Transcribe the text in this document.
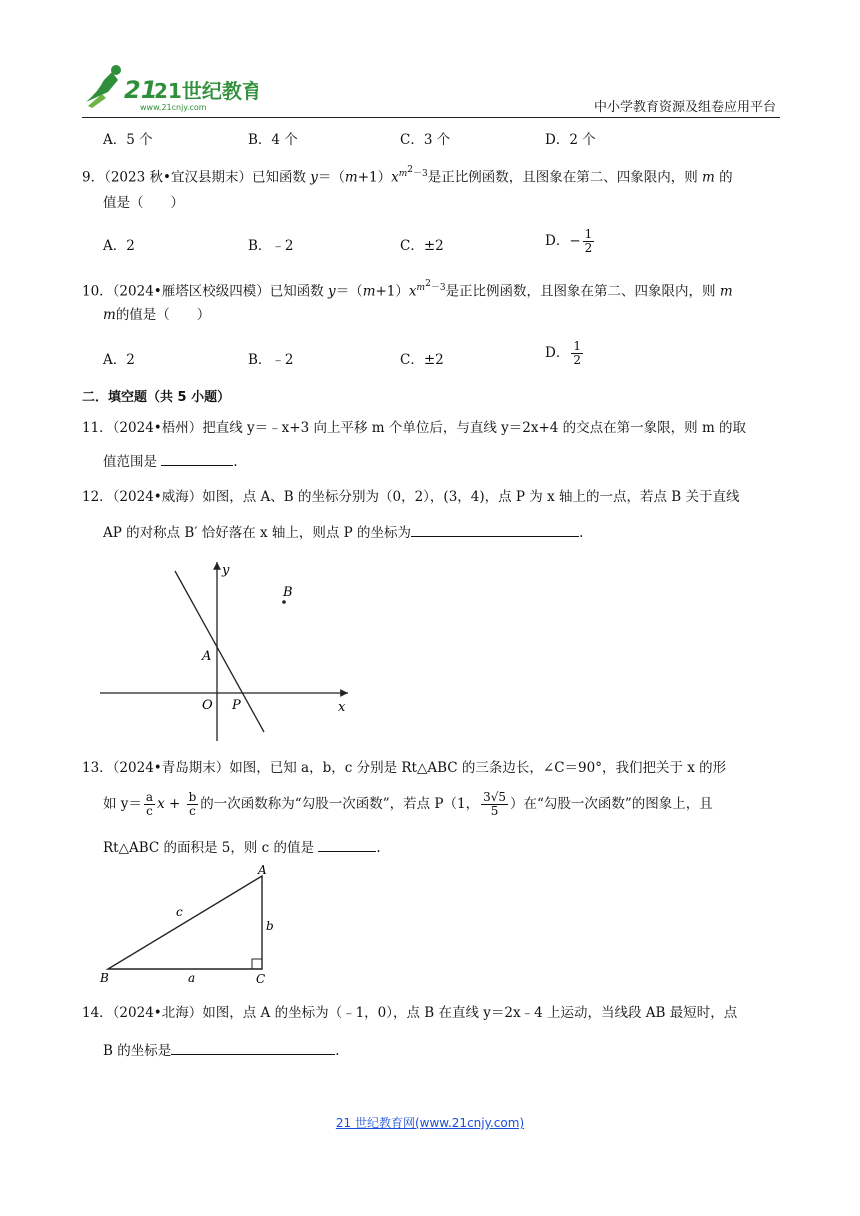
21
21世纪教育
www.21cnjy.com	中小学教育资源及组卷应用平台
A．5 个	B．4 个	C．3 个	D．2 个
9．（2023 秋•宜汉县期末）已知函数 $y=(m+1)x^{m^2-3}$是正比例函数，且图象在第二、四象限内，则 m 的
值是（　　）
A．2	B．﹣2	C．±2	D．− $\frac{1}{2}$
10．（2024•雁塔区校级四模）已知函数 $y=(m+1)x^{m^2-3}$是正比例函数，且图象在第二、四象限内，则 m
m的值是（　　）
A．2	B．﹣2	C．±2	D． $\frac{1}{2}$
二．填空题（共 5 小题）
11．（2024•梧州）把直线 y＝﹣x+3 向上平移 m 个单位后，与直线 y＝2x+4 的交点在第一象限，则 m 的取
值范围是	.
12．（2024•威海）如图，点 A、B 的坐标分别为（0，2），(3，4)，点 P 为 x 轴上的一点，若点 B 关于直线
AP 的对称点 B′ 恰好落在 x 轴上，则点 P 的坐标为	.
y
x
O
A
B
P
13．（2024•青岛期末）如图，已知 a，b，c 分别是 Rt△ABC 的三条边长，∠C＝90°，我们把关于 x 的形
如 $y= \frac{a}{c}$ $x + \frac{b}{c}$ 的一次函数称为“勾股一次函数”，若点 P（1， $\frac{3√5}{5}$ ）在“勾股一次函数”的图象上，且
Rt△ABC 的面积是 5，则 c 的值是	.
A
B	C
a
b
c
14．（2024•北海）如图，点 A 的坐标为（﹣1，0），点 B 在直线 y＝2x﹣4 上运动，当线段 AB 最短时，点
B 的坐标是	.
21 世纪教育网(www.21cnjy.com)
